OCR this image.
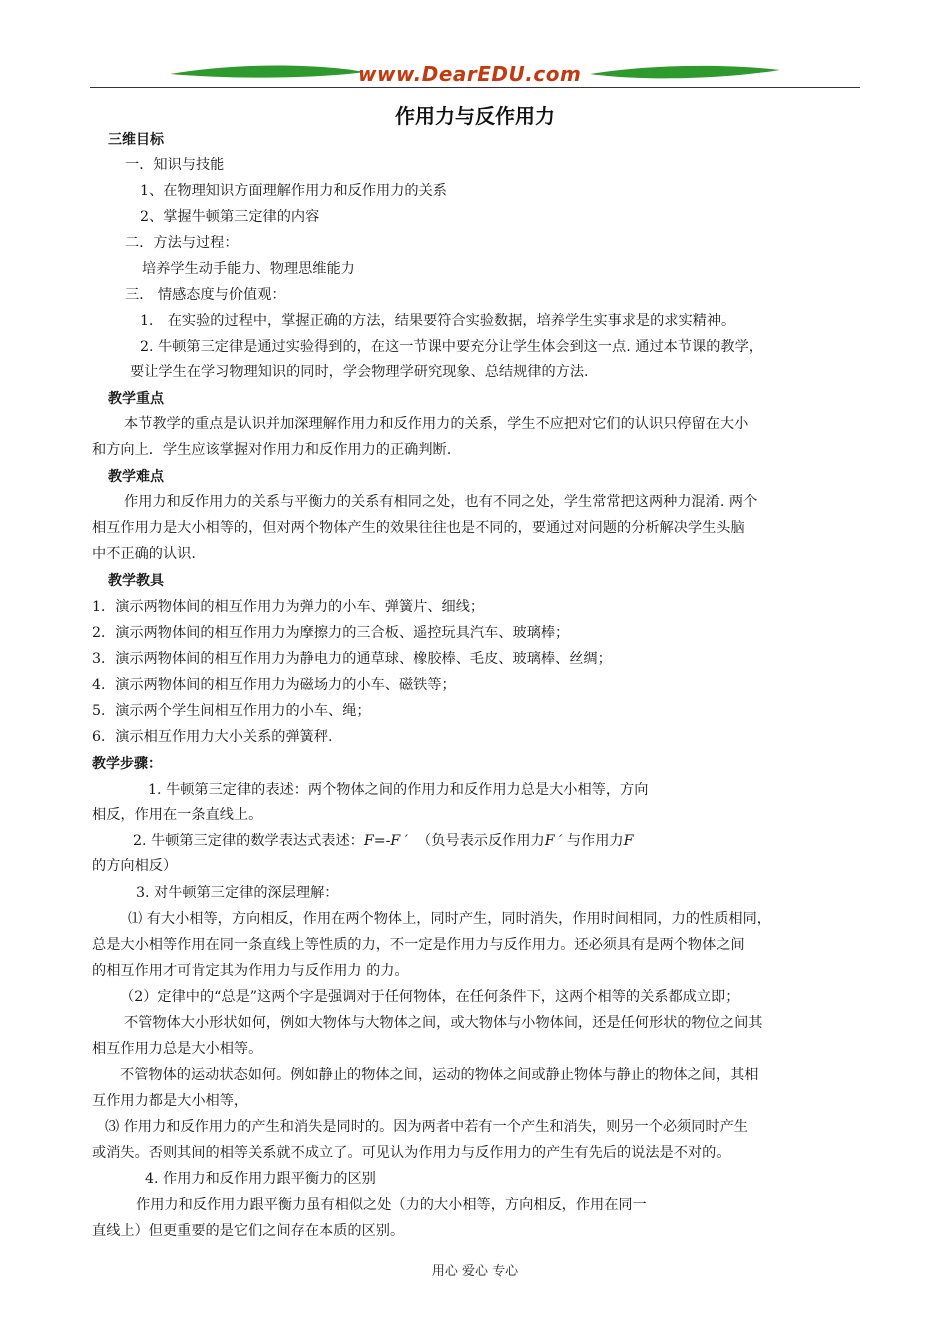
www.DearEDU.com
作用力与反作用力
三维目标
一．知识与技能
1、在物理知识方面理解作用力和反作用力的关系
2、掌握牛顿第三定律的内容
二．方法与过程：
培养学生动手能力、物理思维能力
三． 情感态度与价值观：
1． 在实验的过程中，掌握正确的方法，结果要符合实验数据，培养学生实事求是的求实精神。
2. 牛顿第三定律是通过实验得到的，在这一节课中要充分让学生体会到这一点. 通过本节课的教学，
要让学生在学习物理知识的同时，学会物理学研究现象、总结规律的方法.
教学重点
本节教学的重点是认识并加深理解作用力和反作用力的关系，学生不应把对它们的认识只停留在大小
和方向上．学生应该掌握对作用力和反作用力的正确判断.
教学难点
作用力和反作用力的关系与平衡力的关系有相同之处，也有不同之处，学生常常把这两种力混淆. 两个
相互作用力是大小相等的，但对两个物体产生的效果往往也是不同的，要通过对问题的分析解决学生头脑
中不正确的认识.
教学教具
1．演示两物体间的相互作用力为弹力的小车、弹簧片、细线；
2．演示两物体间的相互作用力为摩擦力的三合板、遥控玩具汽车、玻璃棒；
3．演示两物体间的相互作用力为静电力的通草球、橡胶棒、毛皮、玻璃棒、丝绸；
4．演示两物体间的相互作用力为磁场力的小车、磁铁等；
5．演示两个学生间相互作用力的小车、绳；
6．演示相互作用力大小关系的弹簧秤.
教学步骤：
1. 牛顿第三定律的表述：两个物体之间的作用力和反作用力总是大小相等，方向
相反，作用在一条直线上。
2. 牛顿第三定律的数学表达式表述：F=-F ′ （负号表示反作用力F ′ 与作用力F
的方向相反）
3. 对牛顿第三定律的深层理解：
⑴ 有大小相等，方向相反，作用在两个物体上，同时产生，同时消失，作用时间相同，力的性质相同，
总是大小相等作用在同一条直线上等性质的力，不一定是作用力与反作用力。还必须具有是两个物体之间
的相互作用才可肯定其为作用力与反作用力 的力。
（2）定律中的“总是”这两个字是强调对于任何物体，在任何条件下，这两个相等的关系都成立即；
不管物体大小形状如何，例如大物体与大物体之间，或大物体与小物体间，还是任何形状的物位之间其
相互作用力总是大小相等。
不管物体的运动状态如何。例如静止的物体之间，运动的物体之间或静止物体与静止的物体之间，其相
互作用力都是大小相等，
⑶ 作用力和反作用力的产生和消失是同时的。因为两者中若有一个产生和消失，则另一个必须同时产生
或消失。否则其间的相等关系就不成立了。可见认为作用力与反作用力的产生有先后的说法是不对的。
4. 作用力和反作用力跟平衡力的区别
作用力和反作用力跟平衡力虽有相似之处（力的大小相等，方向相反，作用在同一
直线上）但更重要的是它们之间存在本质的区别。
用心 爱心 专心
